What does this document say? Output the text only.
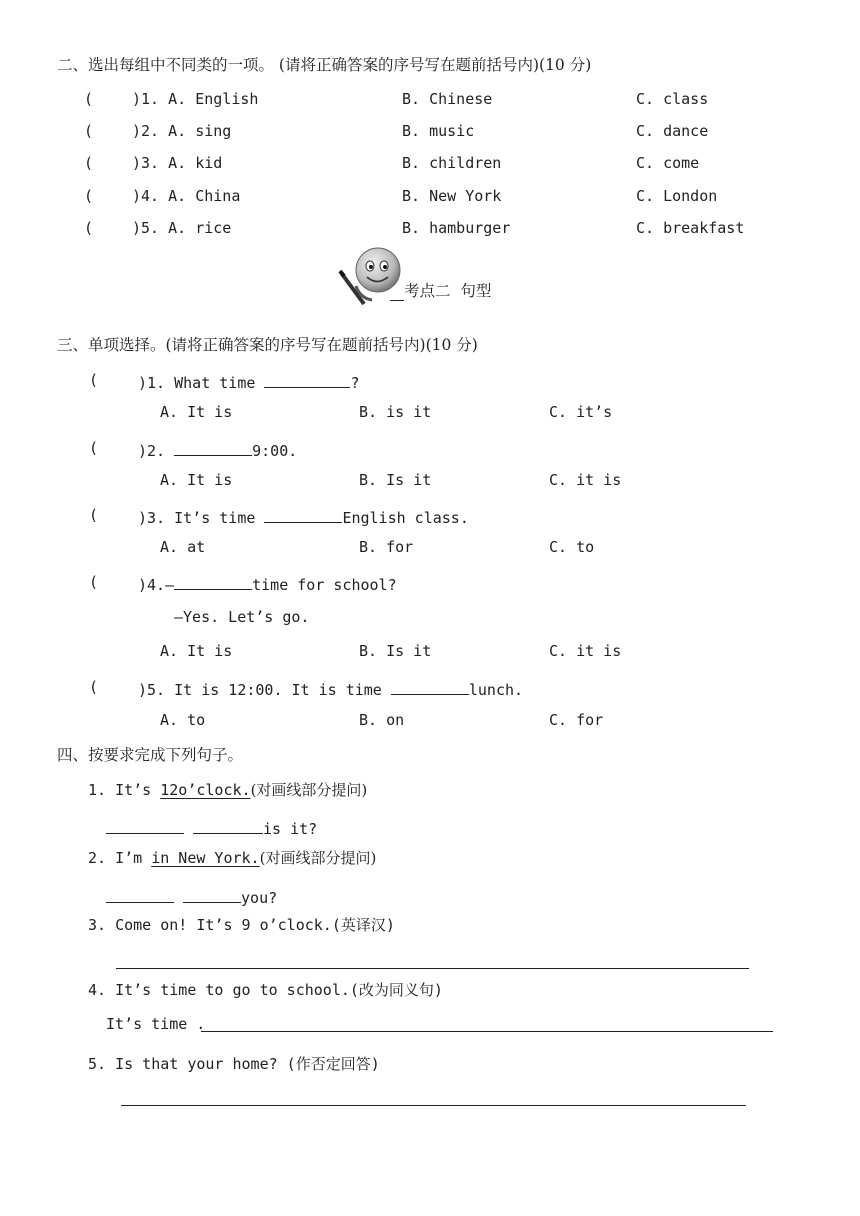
二、选出每组中不同类的一项。 (请将正确答案的序号写在题前括号内)(10 分)
(	)1. A. English	B. Chinese	C. class
(	)2. A. sing	B. music	C. dance
(	)3. A. kid	B. children	C. come
(	)4. A. China	B. New York	C. London
(	)5. A. rice	B. hamburger	C. breakfast
考点二  句型
三、单项选择。(请将正确答案的序号写在题前括号内)(10 分)
(	)1. What time	?
A. It is	B. is it	C. it’s
(	)2.	9:00.
A. It is	B. Is it	C. it is
(	)3. It’s time	English class.
A. at	B. for	C. to
(	)4.—	time for school?
—Yes. Let’s go.
A. It is	B. Is it	C. it is
(	)5. It is 12:00. It is time	lunch.
A. to	B. on	C. for
四、按要求完成下列句子。
1. It’s 12o’clock.(对画线部分提问)
is it?
2. I’m in New York.(对画线部分提问)
you?
3. Come on! It’s 9 o’clock.(英译汉)
4. It’s time to go to school.(改为同义句)
It’s time .
5. Is that your home? (作否定回答)
